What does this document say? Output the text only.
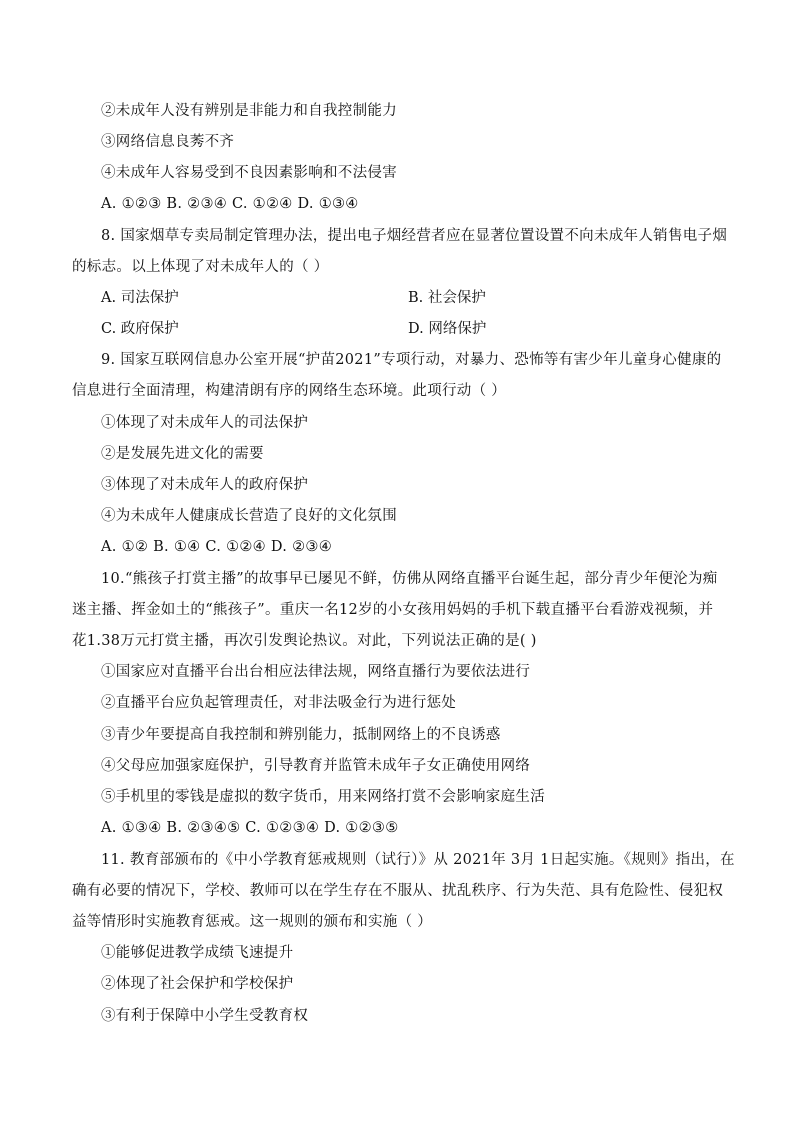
②未成年人没有辨别是非能力和自我控制能力
③网络信息良莠不齐
④未成年人容易受到不良因素影响和不法侵害
A. ①②③ B. ②③④ C. ①②④ D. ①③④
8. 国家烟草专卖局制定管理办法，提出电子烟经营者应在显著位置设置不向未成年人销售电子烟
的标志。以上体现了对未成年人的（ ）
A. 司法保护	B. 社会保护
C. 政府保护	D. 网络保护
9. 国家互联网信息办公室开展“护苗2021”专项行动，对暴力、恐怖等有害少年儿童身心健康的
信息进行全面清理，构建清朗有序的网络生态环境。此项行动（ ）
①体现了对未成年人的司法保护
②是发展先进文化的需要
③体现了对未成年人的政府保护
④为未成年人健康成长营造了良好的文化氛围
A. ①② B. ①④ C. ①②④ D. ②③④
10.“熊孩子打赏主播”的故事早已屡见不鲜，仿佛从网络直播平台诞生起，部分青少年便沦为痴
迷主播、挥金如土的“熊孩子”。重庆一名12岁的小女孩用妈妈的手机下载直播平台看游戏视频，并
花1.38万元打赏主播，再次引发舆论热议。对此，下列说法正确的是( )
①国家应对直播平台出台相应法律法规，网络直播行为要依法进行
②直播平台应负起管理责任，对非法吸金行为进行惩处
③青少年要提高自我控制和辨别能力，抵制网络上的不良诱惑
④父母应加强家庭保护，引导教育并监管未成年子女正确使用网络
⑤手机里的零钱是虚拟的数字货币，用来网络打赏不会影响家庭生活
A. ①③④ B. ②③④⑤ C. ①②③④ D. ①②③⑤
11. 教育部颁布的《中小学教育惩戒规则（试行）》从 2021年 3月 1日起实施。《规则》指出，在
确有必要的情况下，学校、教师可以在学生存在不服从、扰乱秩序、行为失范、具有危险性、侵犯权
益等情形时实施教育惩戒。这一规则的颁布和实施（ ）
①能够促进教学成绩飞速提升
②体现了社会保护和学校保护
③有利于保障中小学生受教育权
